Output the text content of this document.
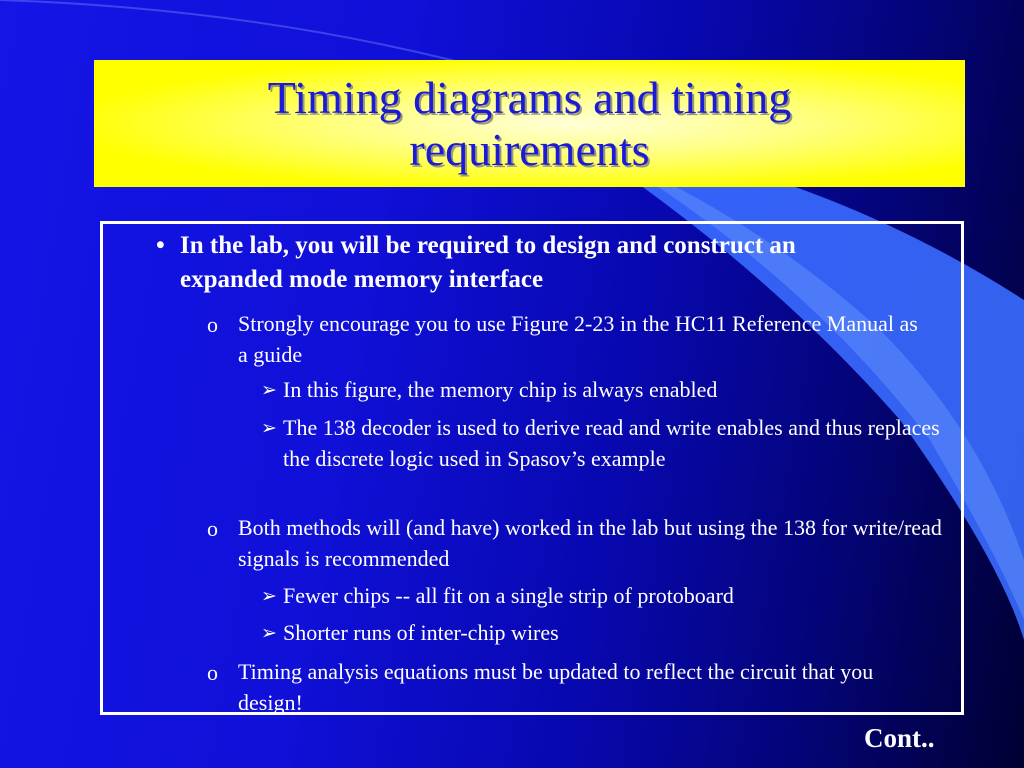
Timing diagrams and timing requirements
• In the lab, you will be required to design and construct an expanded mode memory interface

o Strongly encourage you to use Figure 2-23 in the HC11 Reference Manual as a guide

➢ In this figure, the memory chip is always enabled

➢ The 138 decoder is used to derive read and write enables and thus replaces the discrete logic used in Spasov’s example

o Both methods will (and have) worked in the lab but using the 138 for write/read signals is recommended

➢ Fewer chips -- all fit on a single strip of protoboard

➢ Shorter runs of inter-chip wires

o Timing analysis equations must be updated to reflect the circuit that you design!

Cont..
